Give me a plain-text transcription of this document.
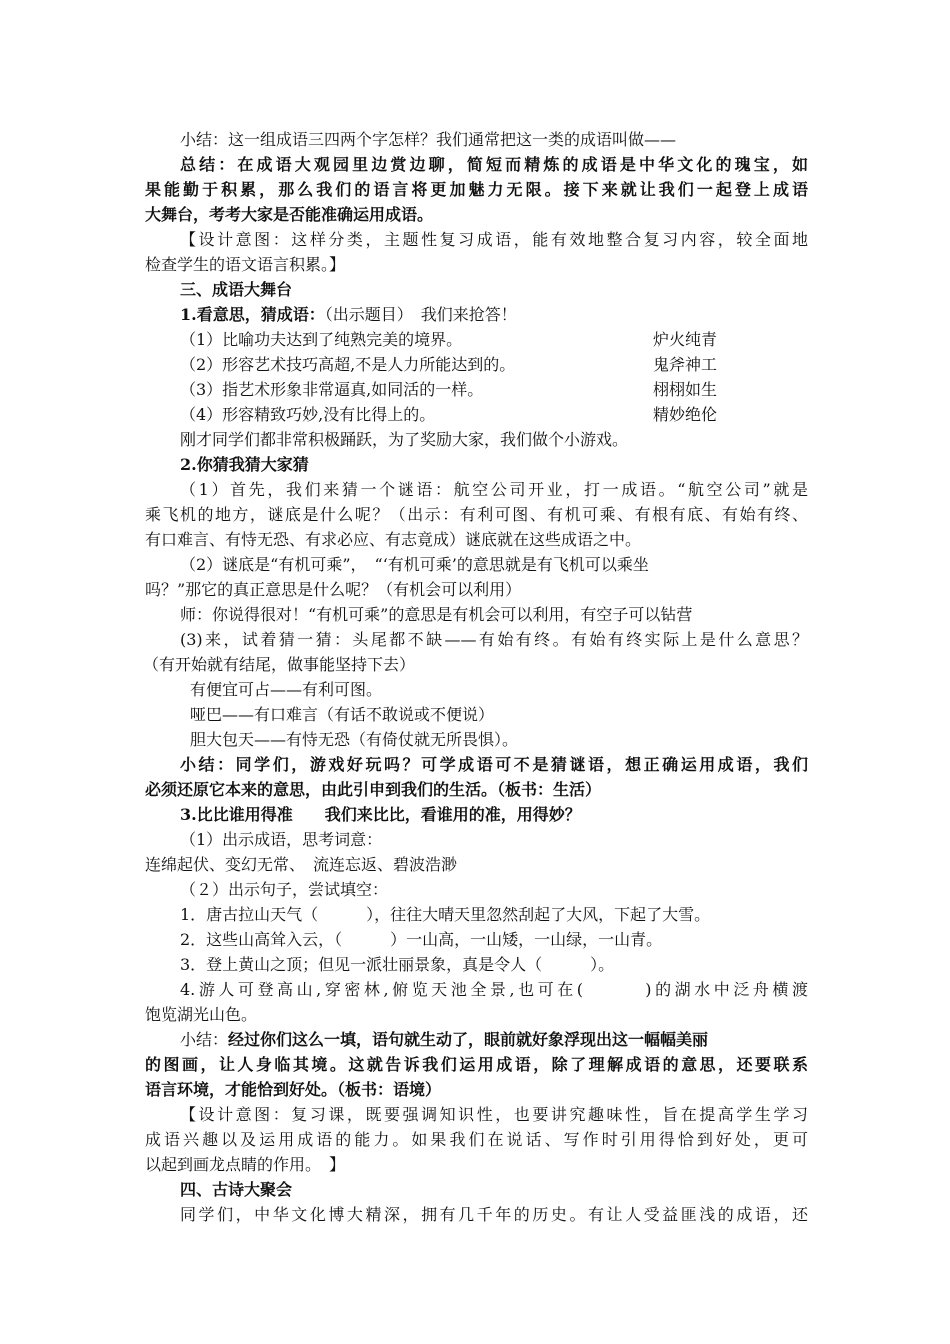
小结：这一组成语三四两个字怎样？我们通常把这一类的成语叫做——
总结：在成语大观园里边赏边聊，简短而精炼的成语是中华文化的瑰宝，如
果能勤于积累，那么我们的语言将更加魅力无限。接下来就让我们一起登上成语
大舞台，考考大家是否能准确运用成语。
【设计意图：这样分类，主题性复习成语，能有效地整合复习内容，较全面地
检查学生的语文语言积累。】
三、成语大舞台
1.看意思，猜成语：（出示题目）　我们来抢答！
（1）比喻功夫达到了纯熟完美的境界。	炉火纯青
（2）形容艺术技巧高超,不是人力所能达到的。	鬼斧神工
（3）指艺术形象非常逼真,如同活的一样。	栩栩如生
（4）形容精致巧妙,没有比得上的。	精妙绝伦
刚才同学们都非常积极踊跃，为了奖励大家，我们做个小游戏。
2.你猜我猜大家猜
（1）首先，我们来猜一个谜语：航空公司开业，打一成语。“航空公司”就是
乘飞机的地方，谜底是什么呢？（出示：有利可图、有机可乘、有根有底、有始有终、
有口难言、有恃无恐、有求必应、有志竟成）谜底就在这些成语之中。
（2）谜底是“有机可乘”，　“‘有机可乘’的意思就是有飞机可以乘坐
吗？”那它的真正意思是什么呢？（有机会可以利用）
师：你说得很对！“有机可乘”的意思是有机会可以利用，有空子可以钻营
(3)来，试着猜一猜：头尾都不缺——有始有终。有始有终实际上是什么意思？
（有开始就有结尾，做事能坚持下去）
有便宜可占——有利可图。
哑巴——有口难言（有话不敢说或不便说）
胆大包天——有恃无恐（有倚仗就无所畏惧）。
小结：同学们，游戏好玩吗？可学成语可不是猜谜语，想正确运用成语，我们
必须还原它本来的意思，由此引申到我们的生活。（板书：生活）
3.比比谁用得准　　我们来比比，看谁用的准，用得妙？
（1）出示成语，思考词意：
连绵起伏、变幻无常、　流连忘返、碧波浩渺
（２）出示句子，尝试填空：
1．唐古拉山天气（　　　），往往大晴天里忽然刮起了大风，下起了大雪。
2．这些山高耸入云，（　　　）一山高，一山矮，一山绿，一山青。
3．登上黄山之顶；但见一派壮丽景象，真是令人（　　　）。
4.游人可登高山,穿密林,俯览天池全景,也可在(　　　)的湖水中泛舟横渡
饱览湖光山色。
小结：经过你们这么一填，语句就生动了，眼前就好象浮现出这一幅幅美丽
的图画，让人身临其境。这就告诉我们运用成语，除了理解成语的意思，还要联系
语言环境，才能恰到好处。（板书：语境）
【设计意图：复习课，既要强调知识性，也要讲究趣味性，旨在提高学生学习
成语兴趣以及运用成语的能力。如果我们在说话、写作时引用得恰到好处，更可
以起到画龙点睛的作用。　】
四、古诗大聚会
同学们，中华文化博大精深，拥有几千年的历史。有让人受益匪浅的成语，还
